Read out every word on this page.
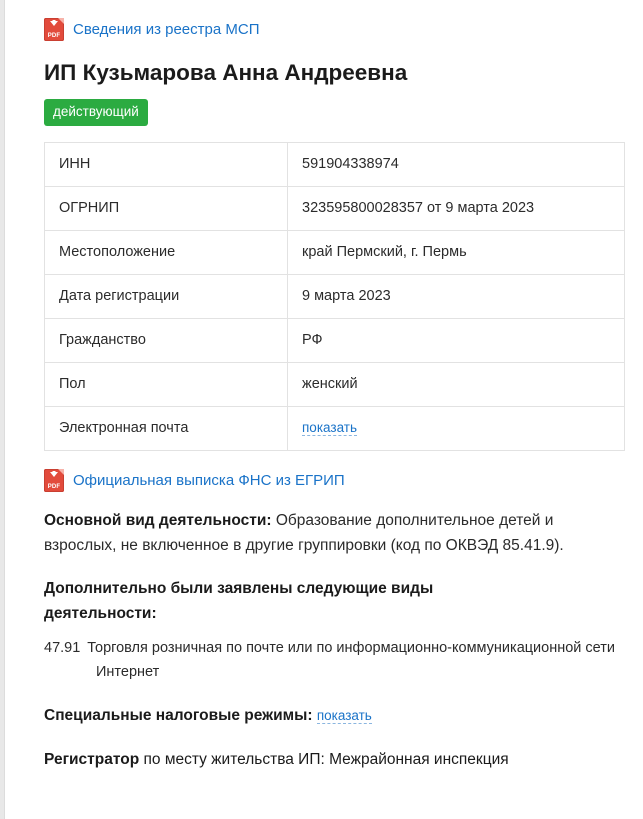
PDF Сведения из реестра МСП
ИП Кузьмарова Анна Андреевна
действующий
ИНН	591904338974
ОГРНИП	323595800028357 от 9 марта 2023
Местоположение	край Пермский, г. Пермь
Дата регистрации	9 марта 2023
Гражданство	РФ
Пол	женский
Электронная почта	показать
PDF Официальная выписка ФНС из ЕГРИП

Основной вид деятельности: Образование дополнительное детей и взрослых, не включенное в другие группировки (код по ОКВЭД 85.41.9).

Дополнительно были заявлены следующие виды деятельности:

47.91 Торговля розничная по почте или по информационно-коммуникационной сети Интернет
Специальные налоговые режимы: показать
Регистратор по месту жительства ИП: Межрайонная инспекция
